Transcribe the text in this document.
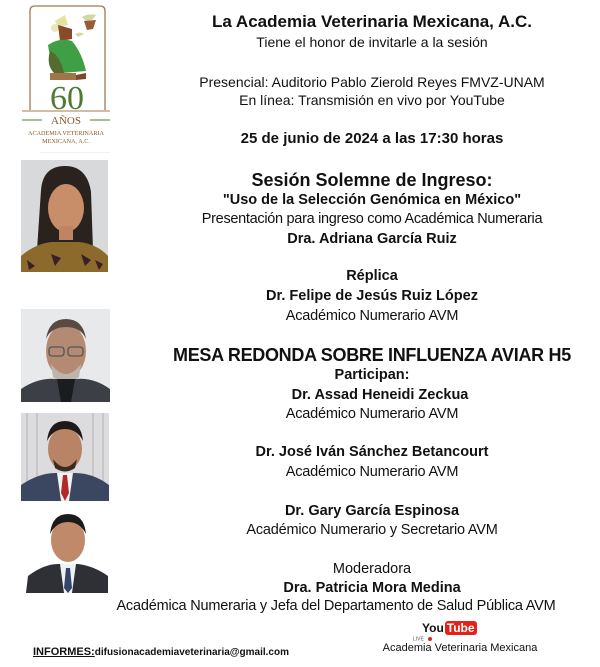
60
AÑOS
ACADEMIA VETERINARIA
MEXICANA, A.C.
La Academia Veterinaria Mexicana, A.C.
Tiene el honor de invitarle a la sesión
Presencial: Auditorio Pablo Zierold Reyes FMVZ-UNAM
En línea: Transmisión en vivo por YouTube
25 de junio de 2024 a las 17:30 horas
Sesión Solemne de Ingreso:
"Uso de la Selección Genómica en México"
Presentación para ingreso como Académica Numeraria
Dra. Adriana García Ruiz
Réplica
Dr. Felipe de Jesús Ruiz López
Académico Numerario AVM
MESA REDONDA SOBRE INFLUENZA AVIAR H5
Participan:
Dr. Assad Heneidi Zeckua
Académico Numerario AVM
Dr. José Iván Sánchez Betancourt
Académico Numerario AVM
Dr. Gary García Espinosa
Académico Numerario y Secretario AVM
Moderadora
Dra. Patricia Mora Medina
Académica Numeraria y Jefa del Departamento de Salud Pública AVM
You Tube
LIVE
Academia Veterinaria Mexicana
INFORMES:difusionacademiaveterinaria@gmail.com
